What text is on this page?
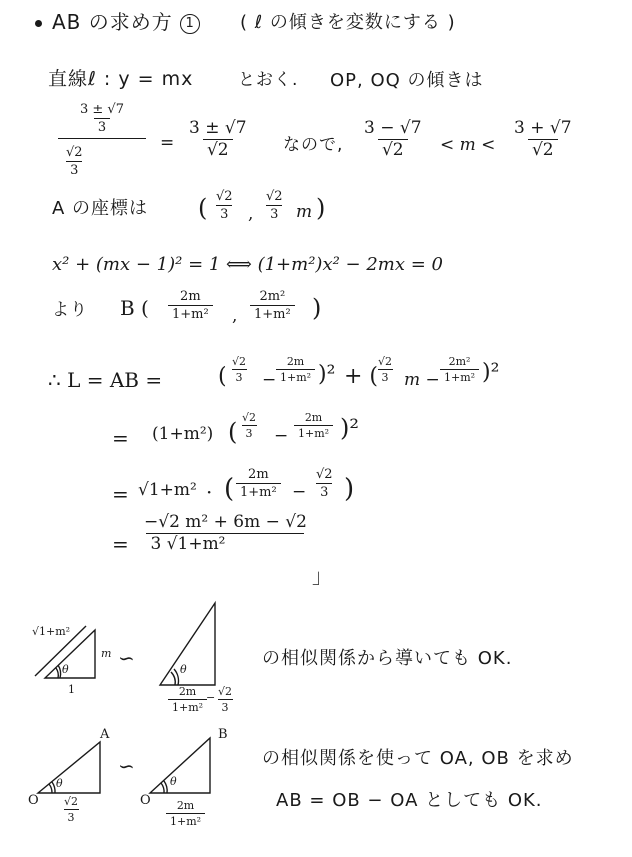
AB の求め方 1	( ℓ の傾きを変数にする )
直線ℓ : y = mx	とおく. OP, OQ の傾きは
$\frac{\frac{3 \pm √7}{3}}{\frac{√2}{3}} = \frac{3 \pm √7}{√2}$ なので, $\frac{3 - √7}{√2} < m < \frac{3 + √7}{√2}$
A の座標は ( $\frac{√2}{3}$ , $\frac{√2}{3}$ m )
x² + (mx − 1)² = 1 ⟺ (1+m²)x² − 2mx = 0
より B ( $\frac{2m}{\text{1+m²}}$ , $\frac{\text{2m²}}{\text{1+m²}}$ )
∴ L = AB =	( $\frac{√2}{3} - \frac{2m}{\text{1+m²}} )^2$ + (
$\frac{√2}{3}$ $m - \frac{\text{2m²}}{\text{1+m²}} )^2$
= (1+m²) ( $\frac{√2}{3} - \frac{2m}{\text{1+m²}} )^2$
= √1+m² · ( $\frac{2m}{\text{1+m²}} - \frac{√2}{3}$ )
= $\frac{\text{−√2 m² + 6m − √2}}{\text{3 √1+m²}}$
」
√1+m²
m
θ
1
∽	θ
$\frac{2m}{\text{1+m²}}$
−
$\frac{√2}{3}$
の相似関係から導いても OK.
A
O
θ
$\frac{√2}{3}$
∽
B
O
θ
$\frac{2m}{\text{1+m²}}$
の相似関係を使って OA, OB を求め
AB = OB − OA としても OK.
